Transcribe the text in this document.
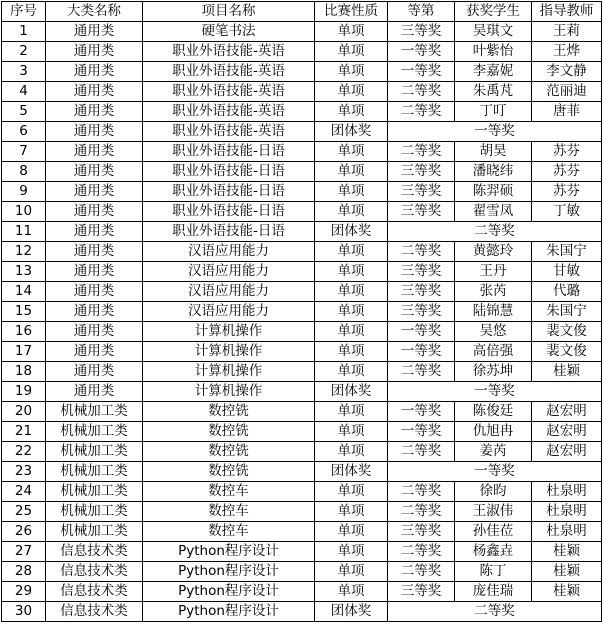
序号	大类名称	项目名称	比赛性质	等第	获奖学生	指导教师
1	通用类	硬笔书法	单项	三等奖	吴琪文	王莉
2	通用类	职业外语技能-英语	单项	一等奖	叶紫怡	王烨
3	通用类	职业外语技能-英语	单项	一等奖	李嘉妮	李文静
4	通用类	职业外语技能-英语	单项	二等奖	朱禹芃	范丽迪
5	通用类	职业外语技能-英语	单项	二等奖	丁叮	唐菲
6	通用类	职业外语技能-英语	团体奖	一等奖		
7	通用类	职业外语技能-日语	单项	二等奖	胡昊	苏芬
8	通用类	职业外语技能-日语	单项	三等奖	潘晓纬	苏芬
9	通用类	职业外语技能-日语	单项	三等奖	陈羿硕	苏芬
10	通用类	职业外语技能-日语	单项	三等奖	翟雪凤	丁敏
11	通用类	职业外语技能-日语	团体奖	二等奖		
12	通用类	汉语应用能力	单项	二等奖	黄懿玲	朱国宁
13	通用类	汉语应用能力	单项	三等奖	王丹	甘敏
14	通用类	汉语应用能力	单项	三等奖	张芮	代璐
15	通用类	汉语应用能力	单项	三等奖	陆锦慧	朱国宁
16	通用类	计算机操作	单项	一等奖	吴悠	裴文俊
17	通用类	计算机操作	单项	一等奖	高倍强	裴文俊
18	通用类	计算机操作	单项	二等奖	徐苏坤	桂颖
19	通用类	计算机操作	团体奖	一等奖		
20	机械加工类	数控铣	单项	一等奖	陈俊廷	赵宏明
21	机械加工类	数控铣	单项	一等奖	仇旭冉	赵宏明
22	机械加工类	数控铣	单项	二等奖	姜芮	赵宏明
23	机械加工类	数控铣	团体奖	一等奖		
24	机械加工类	数控车	单项	二等奖	徐昀	杜泉明
25	机械加工类	数控车	单项	二等奖	王淑伟	杜泉明
26	机械加工类	数控车	单项	三等奖	孙佳莅	杜泉明
27	信息技术类	Python程序设计	单项	二等奖	杨鑫垚	桂颖
28	信息技术类	Python程序设计	单项	二等奖	陈丁	桂颖
29	信息技术类	Python程序设计	单项	三等奖	庞佳瑞	桂颖
30	信息技术类	Python程序设计	团体奖	二等奖		
